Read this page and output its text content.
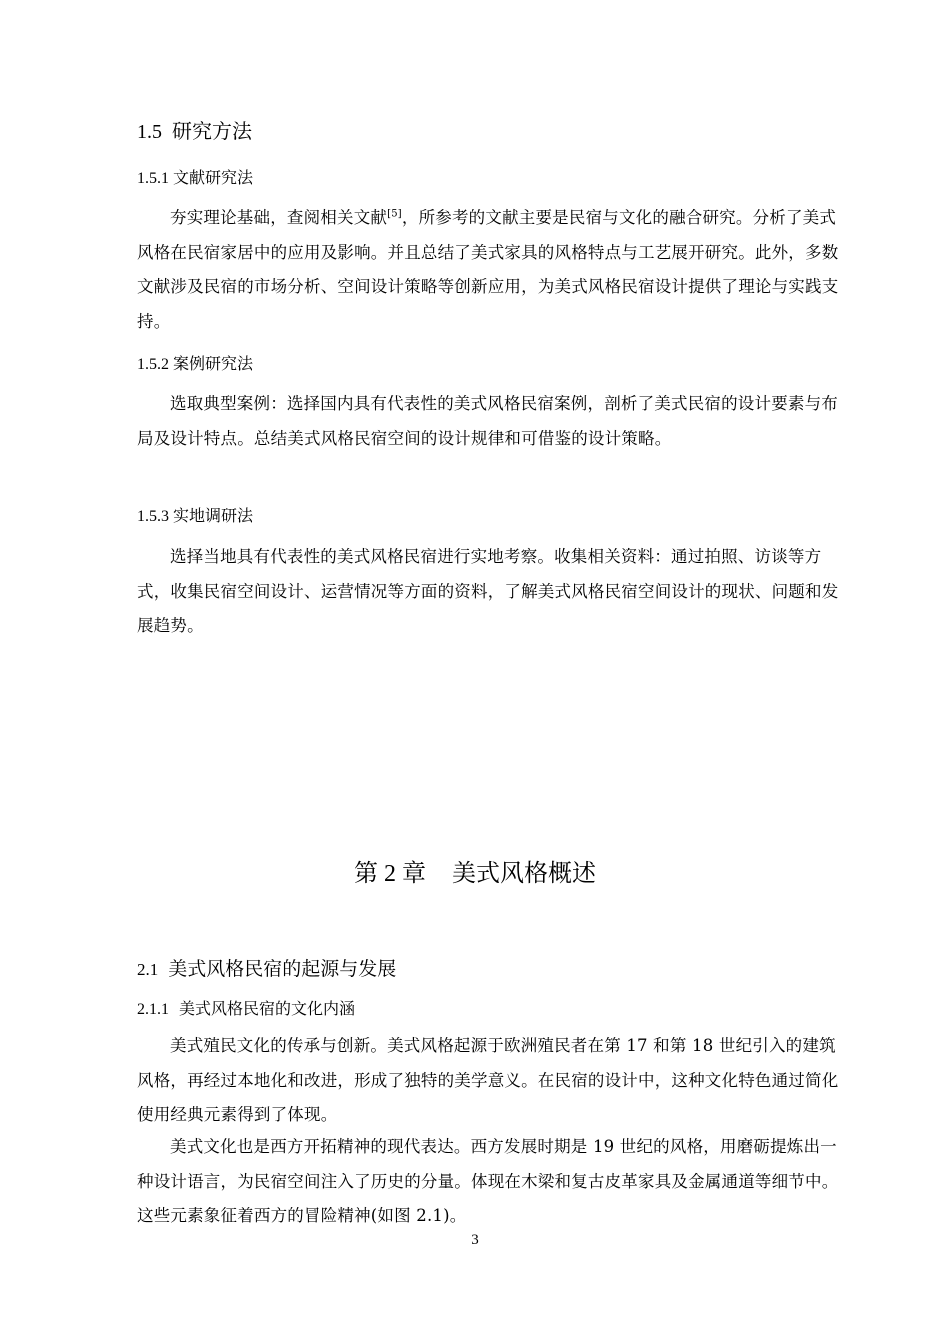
1.5 研究方法
1.5.1 文献研究法

夯实理论基础，查阅相关文献[5]，所参考的文献主要是民宿与文化的融合研究。分析了美式风格在民宿家居中的应用及影响。并且总结了美式家具的风格特点与工艺展开研究。此外，多数文献涉及民宿的市场分析、空间设计策略等创新应用，为美式风格民宿设计提供了理论与实践支持。

1.5.2 案例研究法

选取典型案例：选择国内具有代表性的美式风格民宿案例，剖析了美式民宿的设计要素与布局及设计特点。总结美式风格民宿空间的设计规律和可借鉴的设计策略。

1.5.3 实地调研法

选择当地具有代表性的美式风格民宿进行实地考察。收集相关资料：通过拍照、访谈等方式，收集民宿空间设计、运营情况等方面的资料，了解美式风格民宿空间设计的现状、问题和发展趋势。

第 2 章 美式风格概述
2.1 美式风格民宿的起源与发展
2.1.1 美式风格民宿的文化内涵

美式殖民文化的传承与创新。美式风格起源于欧洲殖民者在第 17 和第 18 世纪引入的建筑风格，再经过本地化和改进，形成了独特的美学意义。在民宿的设计中，这种文化特色通过简化使用经典元素得到了体现。

美式文化也是西方开拓精神的现代表达。西方发展时期是 19 世纪的风格，用磨砺提炼出一种设计语言，为民宿空间注入了历史的分量。体现在木梁和复古皮革家具及金属通道等细节中。这些元素象征着西方的冒险精神(如图 2.1)。

3
